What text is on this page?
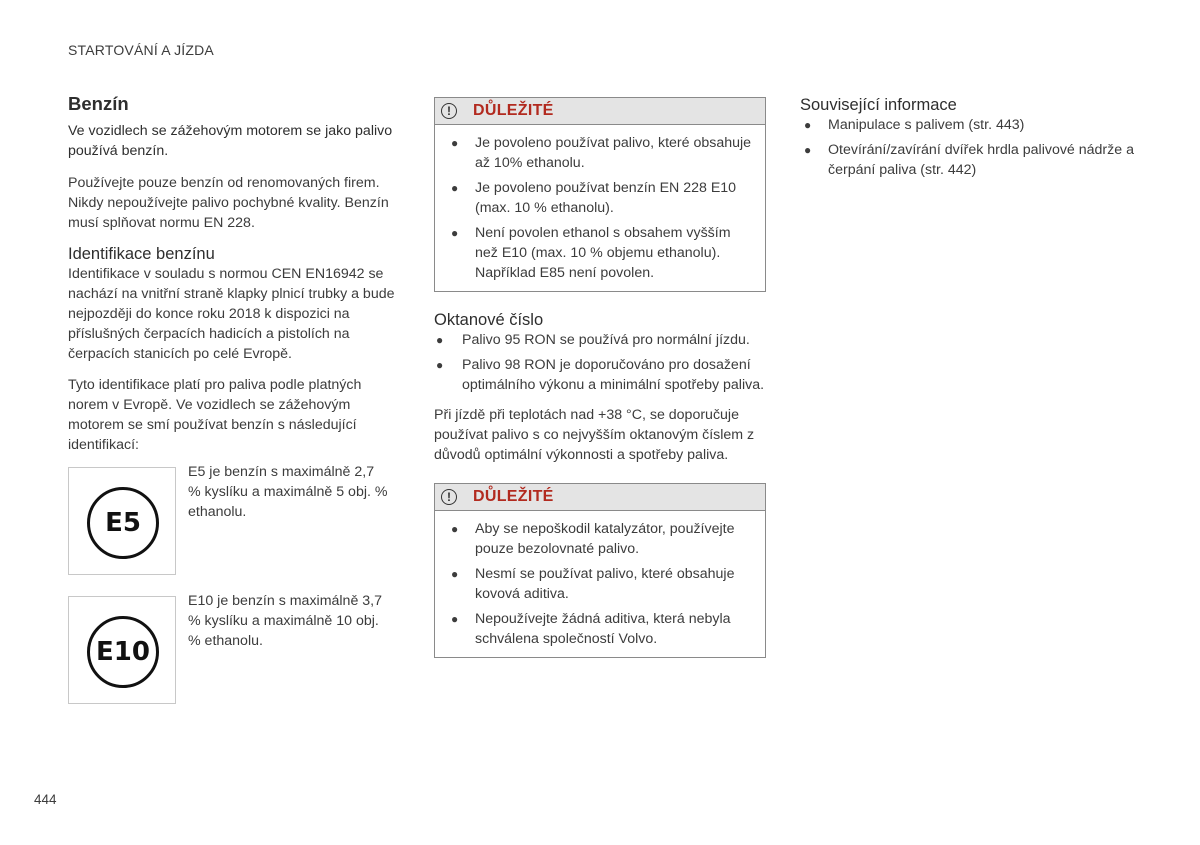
STARTOVÁNÍ A JÍZDA
Benzín

Ve vozidlech se zážehovým motorem se jako palivo používá benzín.

Používejte pouze benzín od renomovaných firem. Nikdy nepoužívejte palivo pochybné kvality. Benzín musí splňovat normu EN 228.

Identifikace benzínu

Identifikace v souladu s normou CEN EN16942 se nachází na vnitřní straně klapky plnicí trubky a bude nejpozději do konce roku 2018 k dispozici na příslušných čerpacích hadicích a pistolích na čerpacích stanicích po celé Evropě.

Tyto identifikace platí pro paliva podle platných norem v Evropě. Ve vozidlech se zážehovým motorem se smí používat benzín s následující identifikací:

E5

E5 je benzín s maximálně 2,7 % kyslíku a maximálně 5 obj. % ethanolu.

E10

E10 je benzín s maximálně 3,7 % kyslíku a maximálně 10 obj. % ethanolu.

!	DŮLEŽITÉ
● Je povoleno používat palivo, které obsahuje až 10% ethanolu.
● Je povoleno používat benzín EN 228 E10 (max. 10 % ethanolu).
● Není povolen ethanol s obsahem vyšším než E10 (max. 10 % objemu ethanolu). Například E85 není povolen.
Oktanové číslo
● Palivo 95 RON se používá pro normální jízdu.
● Palivo 98 RON je doporučováno pro dosažení optimálního výkonu a minimální spotřeby paliva.

Při jízdě při teplotách nad +38 °C, se doporučuje používat palivo s co nejvyšším oktanovým číslem z důvodů optimální výkonnosti a spotřeby paliva.

!	DŮLEŽITÉ
● Aby se nepoškodil katalyzátor, používejte pouze bezolovnaté palivo.
● Nesmí se používat palivo, které obsahuje kovová aditiva.
● Nepoužívejte žádná aditiva, která nebyla schválena společností Volvo.
Související informace
● Manipulace s palivem (str. 443)
● Otevírání/zavírání dvířek hrdla palivové nádrže a čerpání paliva (str. 442)
444
